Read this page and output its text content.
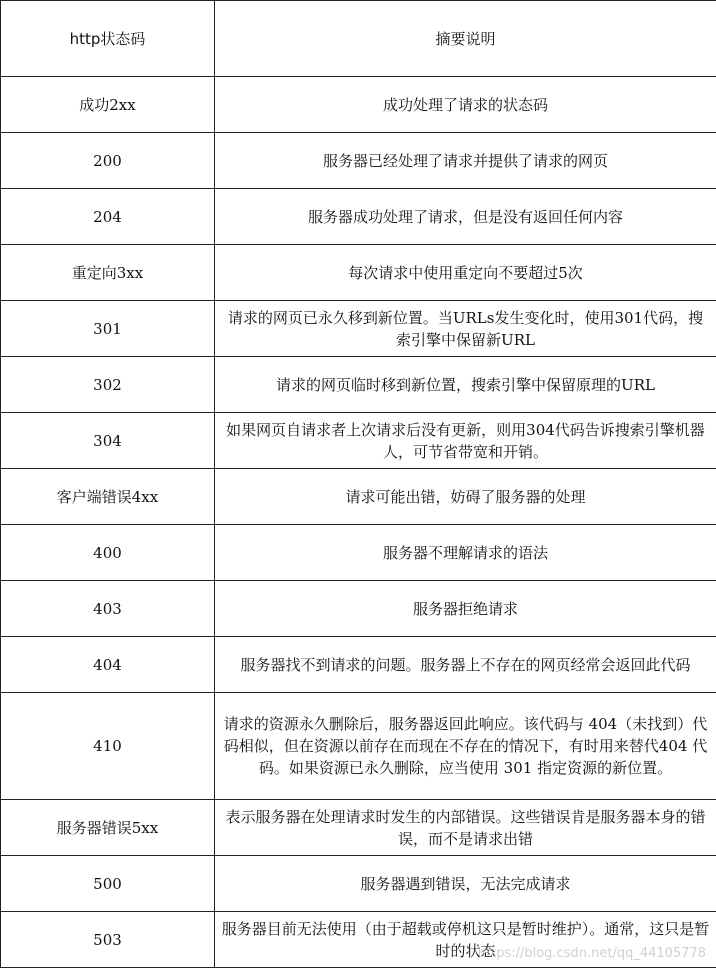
http状态码	摘要说明
成功2xx	成功处理了请求的状态码
200	服务器已经处理了请求并提供了请求的网页
204	服务器成功处理了请求，但是没有返回任何内容
重定向3xx	每次请求中使用重定向不要超过5次
301	请求的网页已永久移到新位置。当URLs发生变化时，使用301代码，搜索引擎中保留新URL
302	请求的网页临时移到新位置，搜索引擎中保留原理的URL
304	如果网页自请求者上次请求后没有更新，则用304代码告诉搜索引擎机器人，可节省带宽和开销。
客户端错误4xx	请求可能出错，妨碍了服务器的处理
400	服务器不理解请求的语法
403	服务器拒绝请求
404	服务器找不到请求的问题。服务器上不存在的网页经常会返回此代码
410	请求的资源永久删除后，服务器返回此响应。该代码与 404（未找到）代码相似，但在资源以前存在而现在不存在的情况下，有时用来替代404 代码。如果资源已永久删除，应当使用 301 指定资源的新位置。
服务器错误5xx	表示服务器在处理请求时发生的内部错误。这些错误肯是服务器本身的错误，而不是请求出错
500	服务器遇到错误，无法完成请求
503	服务器目前无法使用（由于超载或停机这只是暂时维护）。通常，这只是暂时的状态
https://blog.csdn.net/qq_44105778
